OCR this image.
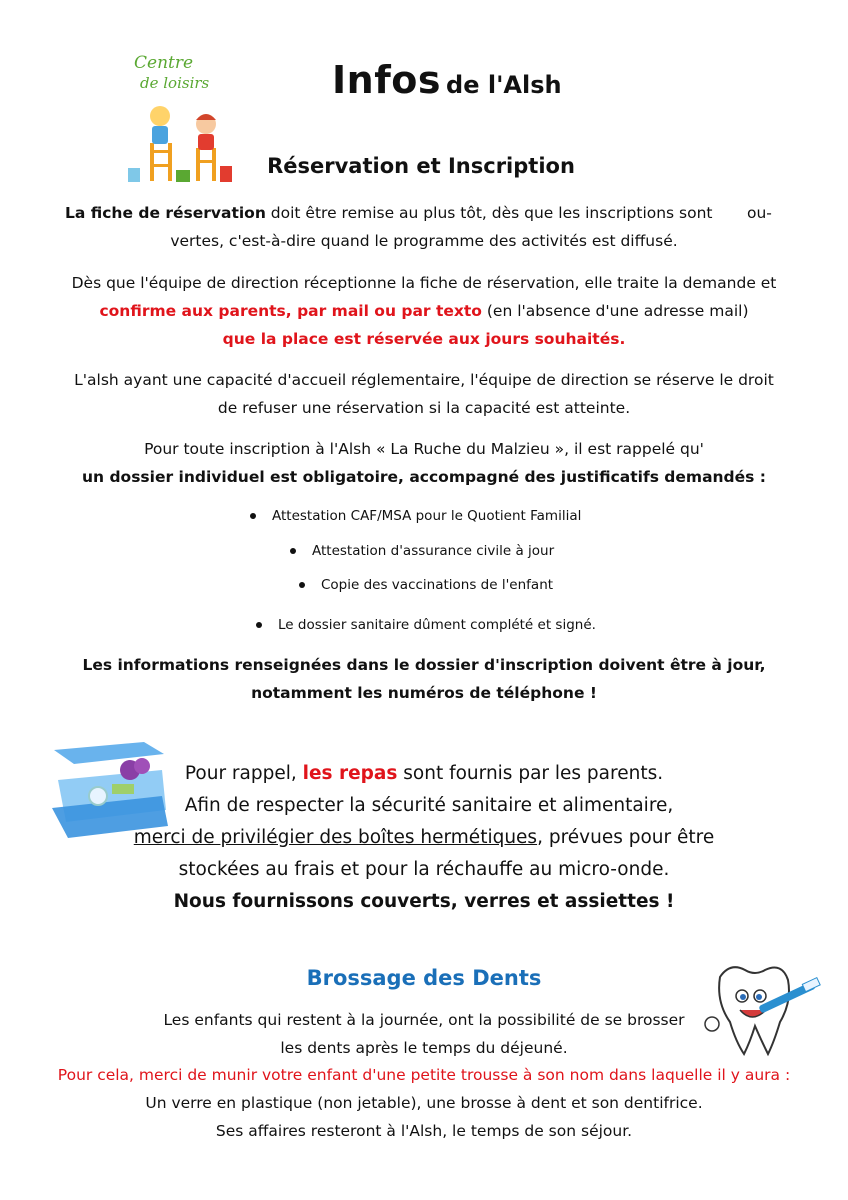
Centre
de loisirs	Infos de l'Alsh
Réservation et Inscription
La fiche de réservation doit être remise au plus tôt, dès que les inscriptions sont       ou-
vertes, c'est-à-dire quand le programme des activités est diffusé.
Dès que l'équipe de direction réceptionne la fiche de réservation, elle traite la demande et
confirme aux parents, par mail ou par texto (en l'absence d'une adresse mail)
que la place est réservée aux jours souhaités.
L'alsh ayant une capacité d'accueil réglementaire, l'équipe de direction se réserve le droit
de refuser une réservation si la capacité est atteinte.
Pour toute inscription à l'Alsh « La Ruche du Malzieu », il est rappelé qu'
un dossier individuel est obligatoire, accompagné des justificatifs demandés :
Attestation CAF/MSA pour le Quotient Familial
Attestation d'assurance civile à jour
Copie des vaccinations de l'enfant
Le dossier sanitaire dûment complété et signé.
Les informations renseignées dans le dossier d'inscription doivent être à jour,
notamment les numéros de téléphone !
Pour rappel, les repas sont fournis par les parents.
Afin de respecter la sécurité sanitaire et alimentaire,
merci de privilégier des boîtes hermétiques, prévues pour être
stockées au frais et pour la réchauffe au micro-onde.
Nous fournissons couverts, verres et assiettes !
Brossage des Dents
Les enfants qui restent à la journée, ont la possibilité de se brosser
les dents après le temps du déjeuné.
Pour cela, merci de munir votre enfant d'une petite trousse à son nom dans laquelle il y aura :
Un verre en plastique (non jetable), une brosse à dent et son dentifrice.
Ses affaires resteront à l'Alsh, le temps de son séjour.
